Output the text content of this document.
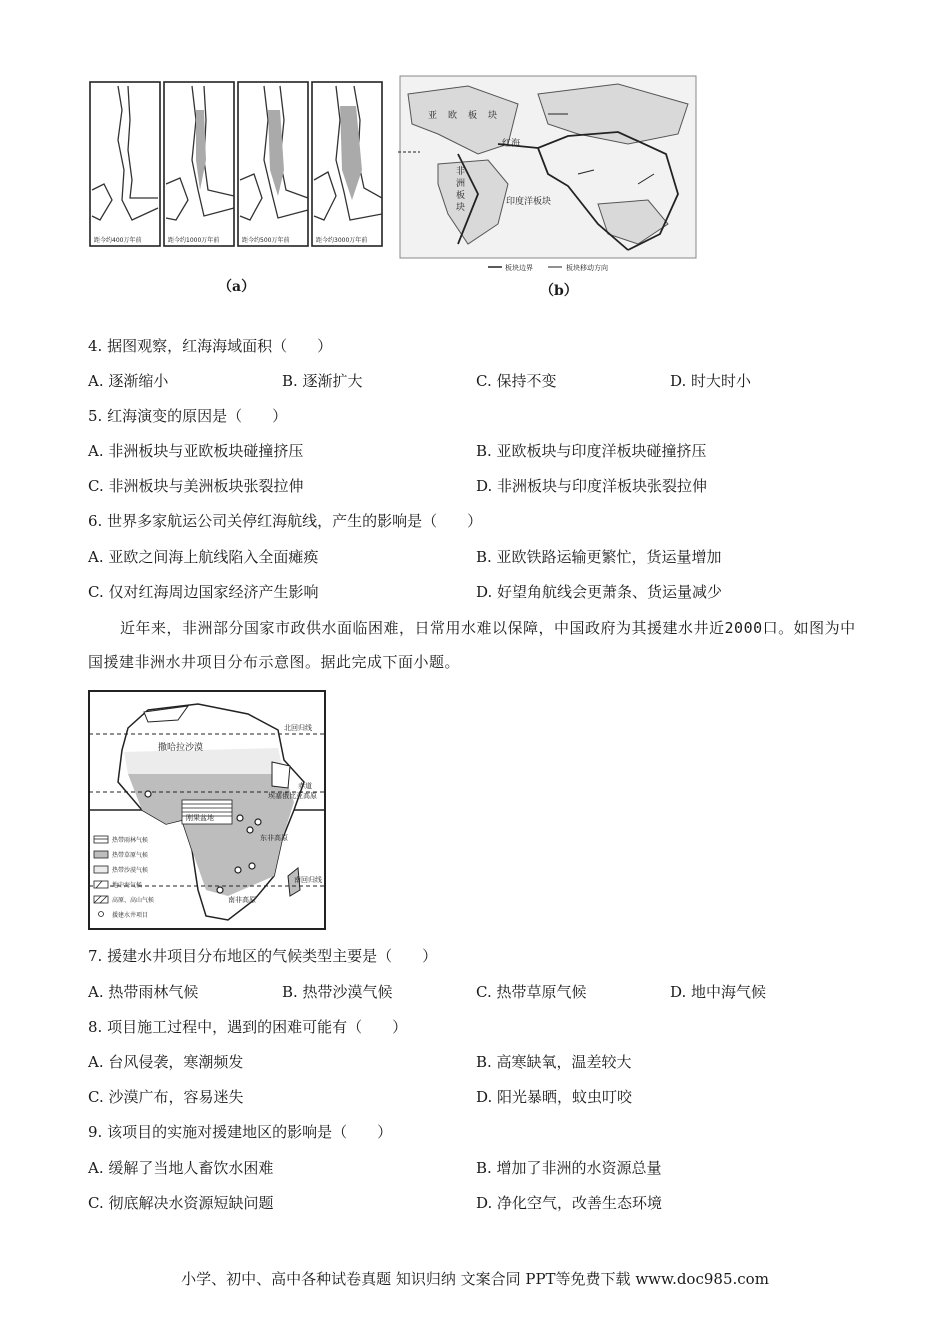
距今约400万年前	距今约1000万年前	距今约500万年前	距今约3000万年前
（a）
亚 欧 板 块
非
洲
板
块
印度洋板块
红海
板块边界	板块移动方向
（b）
4. 据图观察，红海海域面积（　　）
A. 逐渐缩小	B. 逐渐扩大	C. 保持不变	D. 时大时小
5. 红海演变的原因是（　　）
A. 非洲板块与亚欧板块碰撞挤压	B. 亚欧板块与印度洋板块碰撞挤压
C. 非洲板块与美洲板块张裂拉伸	D. 非洲板块与印度洋板块张裂拉伸
6. 世界多家航运公司关停红海航线，产生的影响是（　　）
A. 亚欧之间海上航线陷入全面瘫痪	B. 亚欧铁路运输更繁忙，货运量增加
C. 仅对红海周边国家经济产生影响	D. 好望角航线会更萧条、货运量减少
近年来，非洲部分国家市政供水面临困难，日常用水难以保障，中国政府为其援建水井近2000口。如图为中国援建非洲水井项目分布示意图。据此完成下面小题。
撒哈拉沙漠
北回归线
赤道
南回归线
刚果盆地
东非高原
南非高原
埃塞俄比亚高原
热带雨林气候
热带草原气候
热带沙漠气候
地中海气候
高原、高山气候
援建水井项目
7. 援建水井项目分布地区的气候类型主要是（　　）
A. 热带雨林气候	B. 热带沙漠气候	C. 热带草原气候	D. 地中海气候
8. 项目施工过程中，遇到的困难可能有（　　）
A. 台风侵袭，寒潮频发	B. 高寒缺氧，温差较大
C. 沙漠广布，容易迷失	D. 阳光暴晒，蚊虫叮咬
9. 该项目的实施对援建地区的影响是（　　）
A. 缓解了当地人畜饮水困难	B. 增加了非洲的水资源总量
C. 彻底解决水资源短缺问题	D. 净化空气，改善生态环境
小学、初中、高中各种试卷真题 知识归纳 文案合同 PPT等免费下载 www.doc985.com
